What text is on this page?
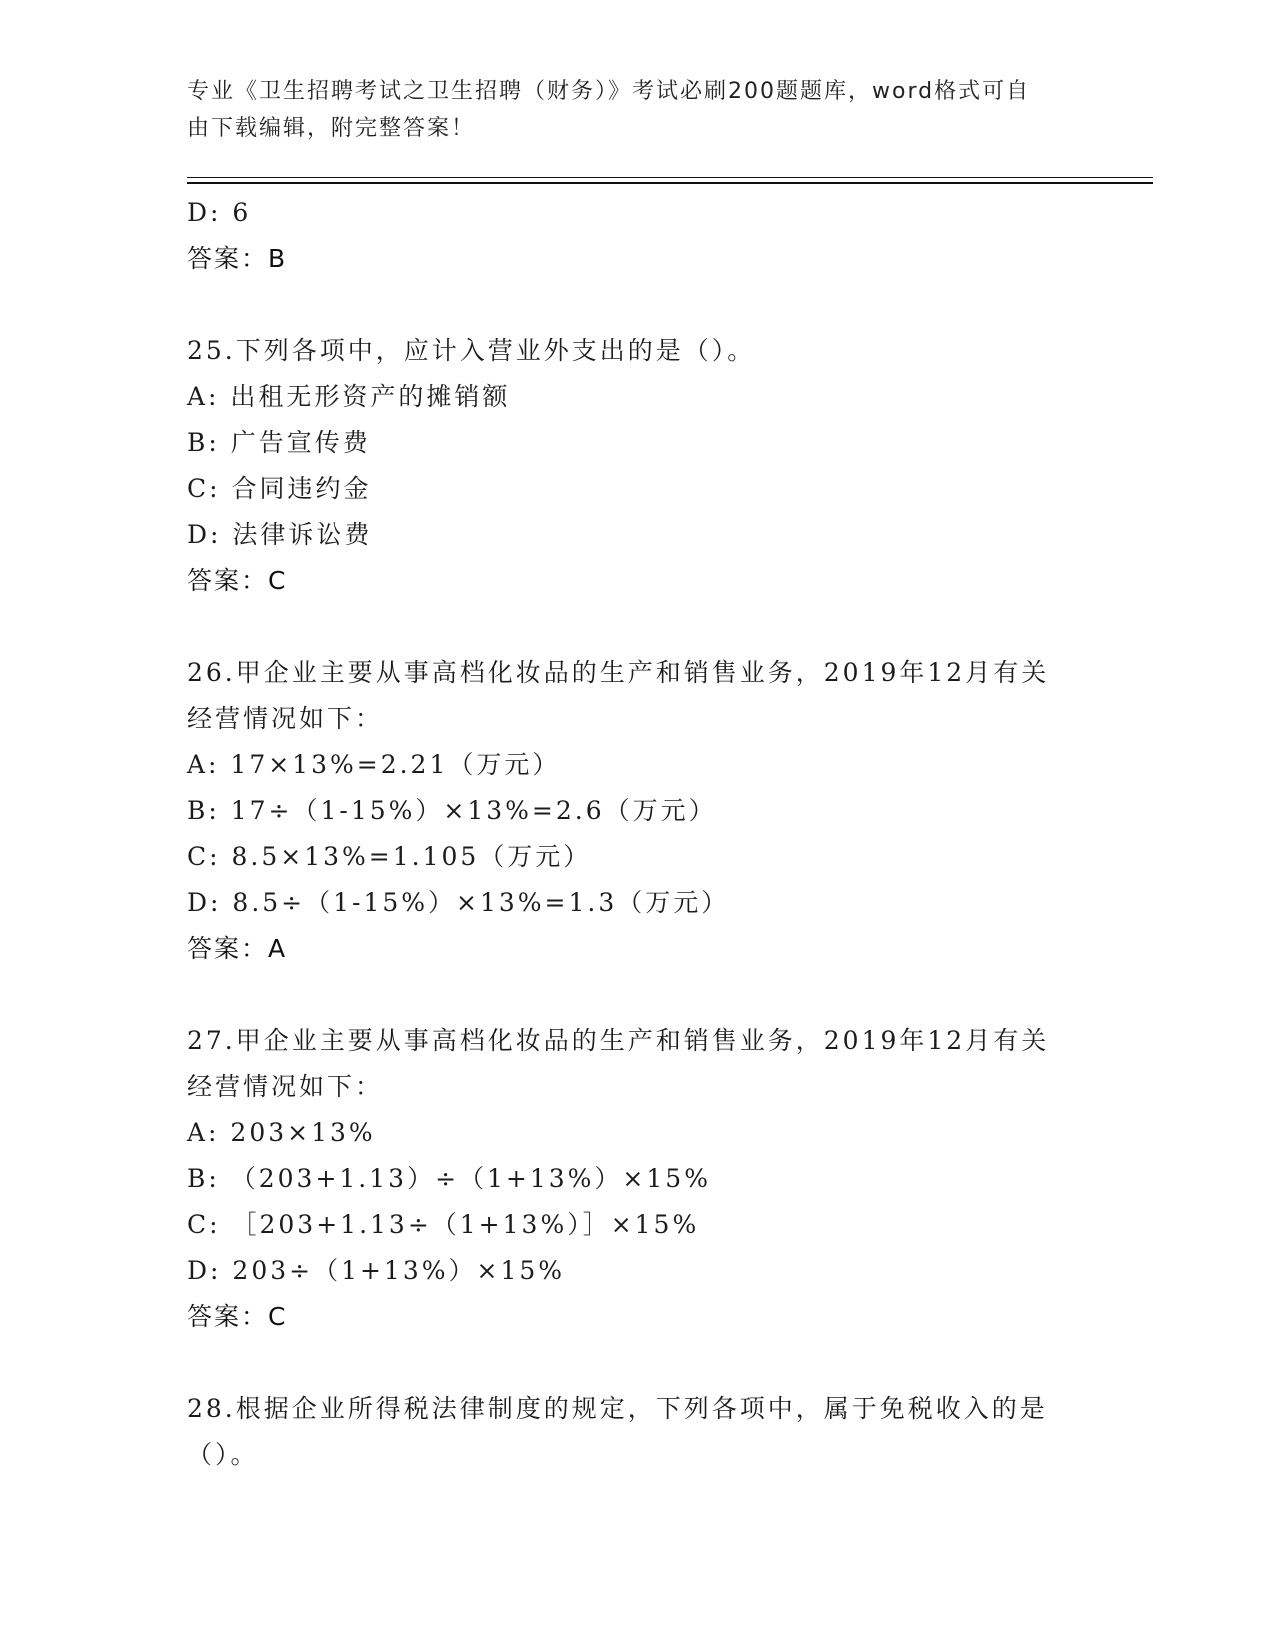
专业《卫生招聘考试之卫生招聘（财务）》考试必刷200题题库，word格式可自
由下载编辑，附完整答案！
D: 6
答案：B
25.下列各项中，应计入营业外支出的是（）。
A: 出租无形资产的摊销额
B: 广告宣传费
C: 合同违约金
D: 法律诉讼费
答案：C
26.甲企业主要从事高档化妆品的生产和销售业务，2019年12月有关
经营情况如下：
A: 17×13%=2.21（万元）
B: 17÷（1-15%）×13%=2.6（万元）
C: 8.5×13%=1.105（万元）
D: 8.5÷（1-15%）×13%=1.3（万元）
答案：A
27.甲企业主要从事高档化妆品的生产和销售业务，2019年12月有关
经营情况如下：
A: 203×13%
B: （203+1.13）÷（1+13%）×15%
C: ［203+1.13÷（1+13%）］×15%
D: 203÷（1+13%）×15%
答案：C
28.根据企业所得税法律制度的规定，下列各项中，属于免税收入的是
（）。
